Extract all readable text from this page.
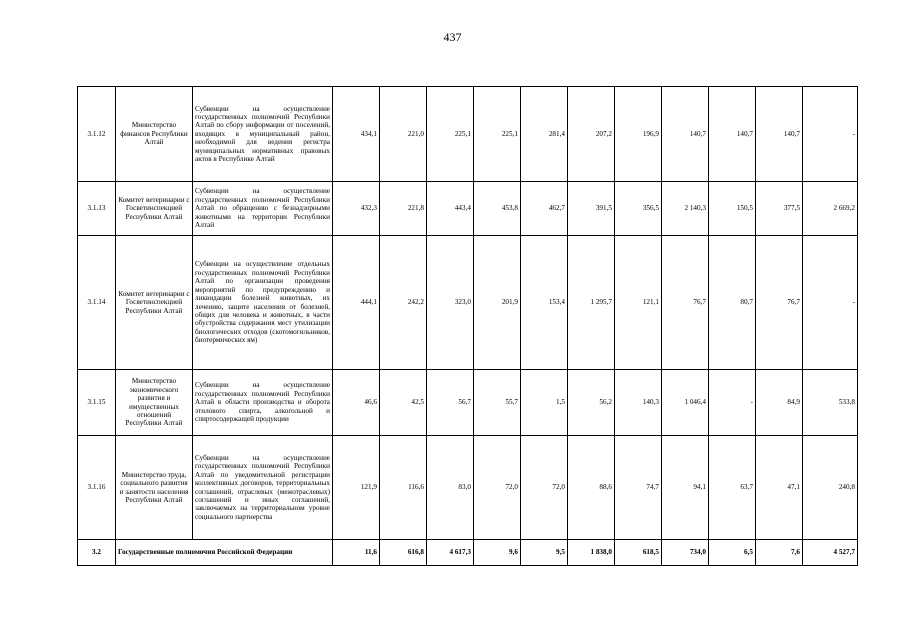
437
3.1.12	Министерство финансов Республики Алтай	Субвенции на осуществление государственных полномочий Республики Алтай по сбору информации от поселений, входящих в муниципальный район, необходимой для ведения регистра муниципальных нормативных правовых актов в Республике Алтай	434,1	221,0	225,1	225,1	281,4	207,2	196,9	140,7	140,7	140,7	-
3.1.13	Комитет ветеринарии с Госветинспекцией Республики Алтай	Субвенции на осуществление государственных полномочий Республики Алтай по обращению с безнадзорными животными на территории Республики Алтай	432,3	221,8	443,4	453,8	462,7	391,5	356,5	2 140,3	150,5	377,5	2 669,2
3.1.14	Комитет ветеринарии с Госветинспекцией Республики Алтай	Субвенции на осуществление отдельных государственных полномочий Республики Алтай по организации проведения мероприятий по предупреждению и ликвидации болезней животных, их лечению, защите населения от болезней, общих для человека и животных, в части обустройства содержания мест утилизации биологических отходов (скотомогильников, биотермических ям)	444,1	242,2	323,0	201,9	153,4	1 295,7	121,1	76,7	80,7	76,7	-
3.1.15	Министерство экономического развития и имущественных отношений Республики Алтай	Субвенции на осуществление государственных полномочий Республики Алтай в области производства и оборота этилового спирта, алкогольной и спиртосодержащей продукции	46,6	42,5	56,7	55,7	1,5	56,2	140,3	1 046,4	-	84,9	533,8
3.1.16	Министерство труда, социального развития и занятости населения Республики Алтай	Субвенции на осуществление государственных полномочий Республики Алтай по уведомительной регистрации коллективных договоров, территориальных соглашений, отраслевых (межотраслевых) соглашений и иных соглашений, заключаемых на территориальном уровне социального партнерства	121,9	116,6	83,0	72,0	72,0	88,6	74,7	94,1	63,7	47,1	240,8
3.2	Государственные полномочия Российской Федерации		11,6	616,8	4 617,3	9,6	9,5	1 838,0	618,5	734,0	6,5	7,6	4 527,7
